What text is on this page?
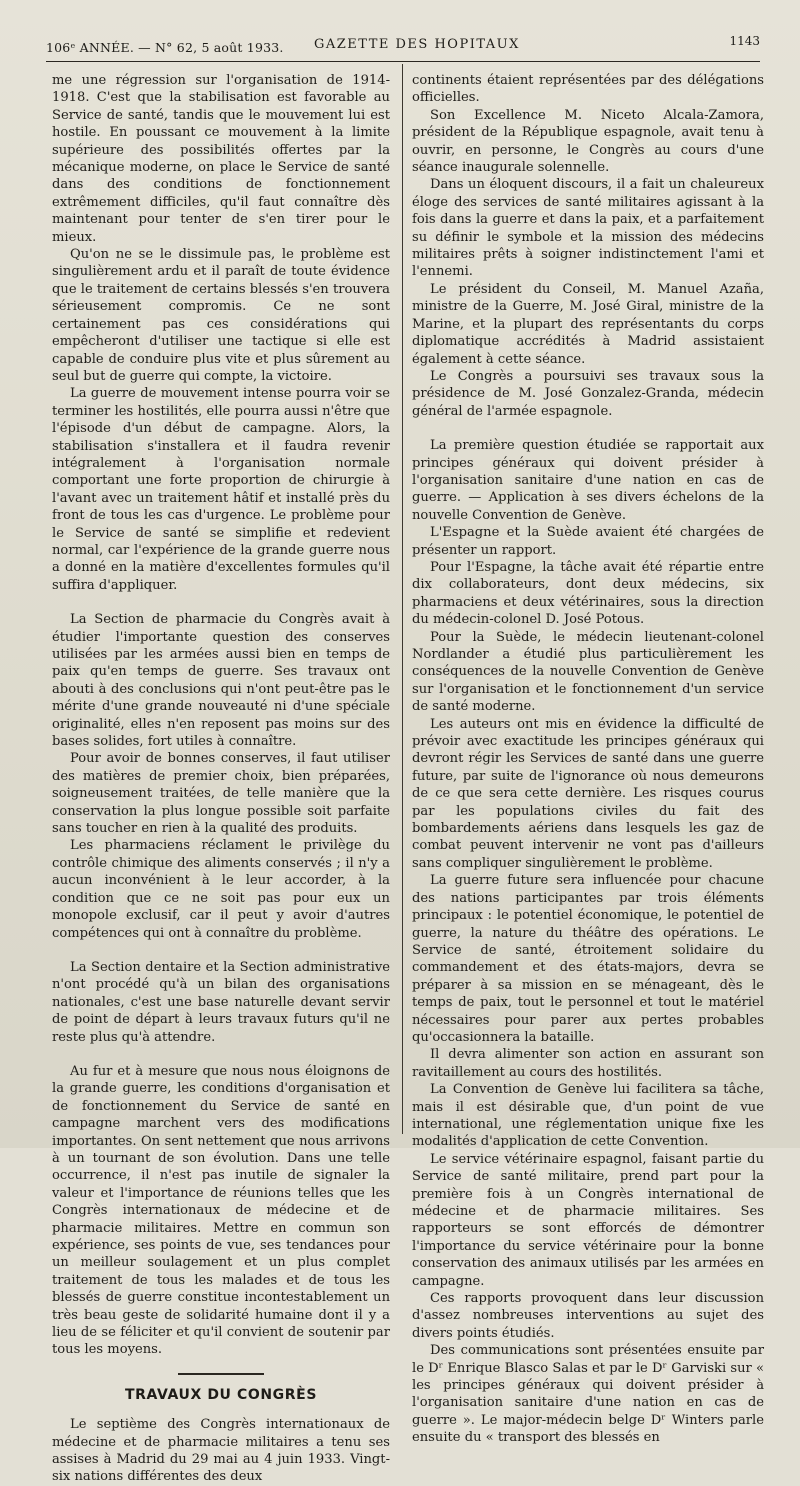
106ᵉ ANNÉE. — N° 62, 5 août 1933. GAZETTE DES HOPITAUX	1143

me une régression sur l'organisation de 1914-1918. C'est que la stabilisation est favorable au Service de santé, tandis que le mouvement lui est hostile. En poussant ce mouvement à la limite supérieure des possibilités offertes par la mécanique moderne, on place le Service de santé dans des conditions de fonctionnement extrêmement difficiles, qu'il faut connaître dès maintenant pour tenter de s'en tirer pour le mieux.

Qu'on ne se le dissimule pas, le problème est singulièrement ardu et il paraît de toute évidence que le traitement de certains blessés s'en trouvera sérieusement compromis. Ce ne sont certainement pas ces considérations qui empêcheront d'utiliser une tactique si elle est capable de conduire plus vite et plus sûrement au seul but de guerre qui compte, la victoire.

La guerre de mouvement intense pourra voir se terminer les hostilités, elle pourra aussi n'être que l'épisode d'un début de campagne. Alors, la stabilisation s'installera et il faudra revenir intégralement à l'organisation normale comportant une forte proportion de chirurgie à l'avant avec un traitement hâtif et installé près du front de tous les cas d'urgence. Le problème pour le Service de santé se simplifie et redevient normal, car l'expérience de la grande guerre nous a donné en la matière d'excellentes formules qu'il suffira d'appliquer.

La Section de pharmacie du Congrès avait à étudier l'importante question des conserves utilisées par les armées aussi bien en temps de paix qu'en temps de guerre. Ses travaux ont abouti à des conclusions qui n'ont peut-être pas le mérite d'une grande nouveauté ni d'une spéciale originalité, elles n'en reposent pas moins sur des bases solides, fort utiles à connaître.

Pour avoir de bonnes conserves, il faut utiliser des matières de premier choix, bien préparées, soigneusement traitées, de telle manière que la conservation la plus longue possible soit parfaite sans toucher en rien à la qualité des produits.

Les pharmaciens réclament le privilège du contrôle chimique des aliments conservés ; il n'y a aucun inconvénient à le leur accorder, à la condition que ce ne soit pas pour eux un monopole exclusif, car il peut y avoir d'autres compétences qui ont à connaître du problème.

La Section dentaire et la Section administrative n'ont procédé qu'à un bilan des organisations nationales, c'est une base naturelle devant servir de point de départ à leurs travaux futurs qu'il ne reste plus qu'à attendre.

Au fur et à mesure que nous nous éloignons de la grande guerre, les conditions d'organisation et de fonctionnement du Service de santé en campagne marchent vers des modifications importantes. On sent nettement que nous arrivons à un tournant de son évolution. Dans une telle occurrence, il n'est pas inutile de signaler la valeur et l'importance de réunions telles que les Congrès internationaux de médecine et de pharmacie militaires. Mettre en commun son expérience, ses points de vue, ses tendances pour un meilleur soulagement et un plus complet traitement de tous les malades et de tous les blessés de guerre constitue incontestablement un très beau geste de solidarité humaine dont il y a lieu de se féliciter et qu'il convient de soutenir par tous les moyens.

TRAVAUX DU CONGRÈS

Le septième des Congrès internationaux de médecine et de pharmacie militaires a tenu ses assises à Madrid du 29 mai au 4 juin 1933. Vingt-six nations différentes des deux

continents étaient représentées par des délégations officielles.

Son Excellence M. Niceto Alcala-Zamora, président de la République espagnole, avait tenu à ouvrir, en personne, le Congrès au cours d'une séance inaugurale solennelle.

Dans un éloquent discours, il a fait un chaleureux éloge des services de santé militaires agissant à la fois dans la guerre et dans la paix, et a parfaitement su définir le symbole et la mission des médecins militaires prêts à soigner indistinctement l'ami et l'ennemi.

Le président du Conseil, M. Manuel Azaña, ministre de la Guerre, M. José Giral, ministre de la Marine, et la plupart des représentants du corps diplomatique accrédités à Madrid assistaient également à cette séance.

Le Congrès a poursuivi ses travaux sous la présidence de M. José Gonzalez-Granda, médecin général de l'armée espagnole.

La première question étudiée se rapportait aux principes généraux qui doivent présider à l'organisation sanitaire d'une nation en cas de guerre. — Application à ses divers échelons de la nouvelle Convention de Genève.

L'Espagne et la Suède avaient été chargées de présenter un rapport.

Pour l'Espagne, la tâche avait été répartie entre dix collaborateurs, dont deux médecins, six pharmaciens et deux vétérinaires, sous la direction du médecin-colonel D. José Potous.

Pour la Suède, le médecin lieutenant-colonel Nordlander a étudié plus particulièrement les conséquences de la nouvelle Convention de Genève sur l'organisation et le fonctionnement d'un service de santé moderne.

Les auteurs ont mis en évidence la difficulté de prévoir avec exactitude les principes généraux qui devront régir les Services de santé dans une guerre future, par suite de l'ignorance où nous demeurons de ce que sera cette dernière. Les risques courus par les populations civiles du fait des bombardements aériens dans lesquels les gaz de combat peuvent intervenir ne vont pas d'ailleurs sans compliquer singulièrement le problème.

La guerre future sera influencée pour chacune des nations participantes par trois éléments principaux : le potentiel économique, le potentiel de guerre, la nature du théâtre des opérations. Le Service de santé, étroitement solidaire du commandement et des états-majors, devra se préparer à sa mission en se ménageant, dès le temps de paix, tout le personnel et tout le matériel nécessaires pour parer aux pertes probables qu'occasionnera la bataille.

Il devra alimenter son action en assurant son ravitaillement au cours des hostilités.

La Convention de Genève lui facilitera sa tâche, mais il est désirable que, d'un point de vue international, une réglementation unique fixe les modalités d'application de cette Convention.

Le service vétérinaire espagnol, faisant partie du Service de santé militaire, prend part pour la première fois à un Congrès international de médecine et de pharmacie militaires. Ses rapporteurs se sont efforcés de démontrer l'importance du service vétérinaire pour la bonne conservation des animaux utilisés par les armées en campagne.

Ces rapports provoquent dans leur discussion d'assez nombreuses interventions au sujet des divers points étudiés.

Des communications sont présentées ensuite par le Dʳ Enrique Blasco Salas et par le Dʳ Garviski sur « les principes généraux qui doivent présider à l'organisation sanitaire d'une nation en cas de guerre ». Le major-médecin belge Dʳ Winters parle ensuite du « transport des blessés en
